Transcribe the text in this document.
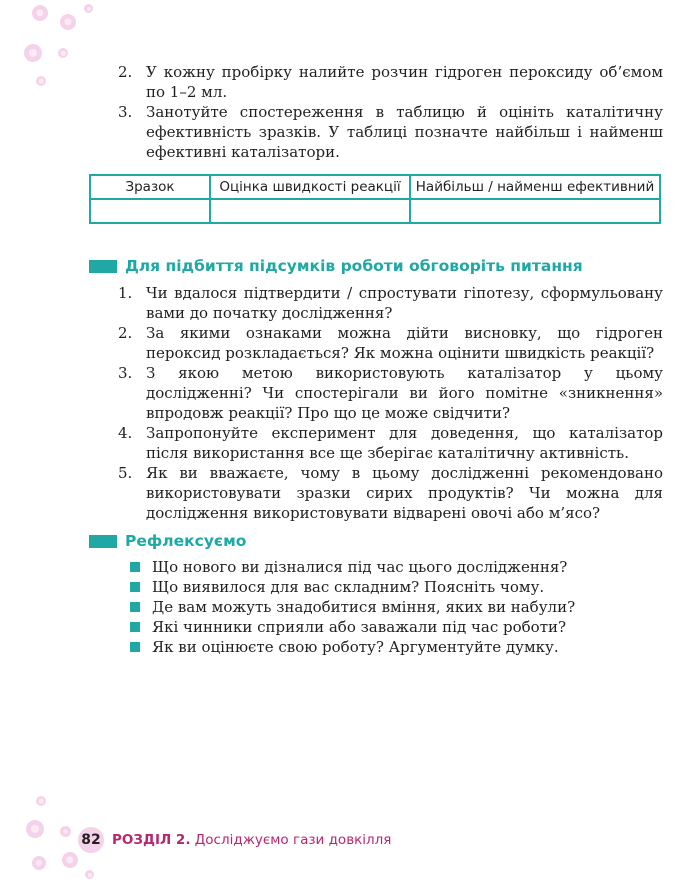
2. У кожну пробірку налийте розчин гідроген пероксиду об’ємом по 1–2 мл.
3. Занотуйте спостереження в таблицю й оцініть каталітичну ефективність зразків. У таблиці позначте найбільш і найменш ефективні каталізатори.
Зразок	Оцінка швидкості реакції	Найбільш / найменш ефективний

Для підбиття підсумків роботи обговоріть питання
1. Чи вдалося підтвердити / спростувати гіпотезу, сформульовану вами до початку дослідження?
2. За якими ознаками можна дійти висновку, що гідроген пероксид розкладається? Як можна оцінити швидкість реакції?
3. З якою метою використовують каталізатор у цьому дослідженні? Чи спостерігали ви його помітне «зникнення» впродовж реакції? Про що це може свідчити?
4. Запропонуйте експеримент для доведення, що каталізатор після використання все ще зберігає каталітичну активність.
5. Як ви вважаєте, чому в цьому дослідженні рекомендовано використовувати зразки сирих продуктів? Чи можна для дослідження використовувати відварені овочі або м’ясо?
Рефлексуємо
Що нового ви дізналися під час цього дослідження?
Що виявилося для вас складним? Поясніть чому.
Де вам можуть знадобитися вміння, яких ви набули?
Які чинники сприяли або заважали під час роботи?
Як ви оцінюєте свою роботу? Аргументуйте думку.
82 РОЗДІЛ 2. Досліджуємо гази довкілля
